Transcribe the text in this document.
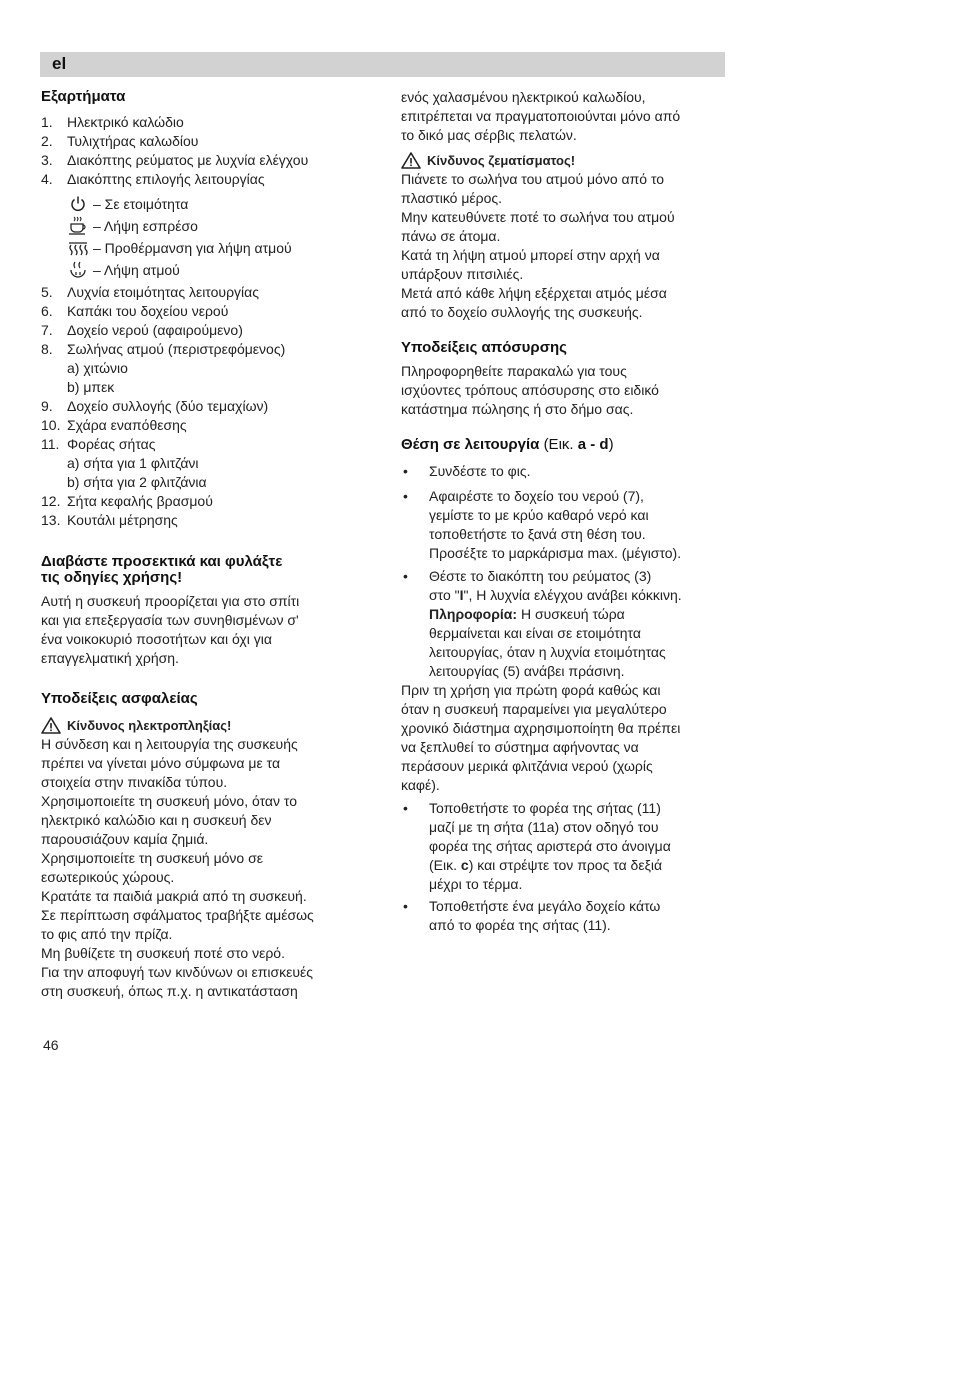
el
Εξαρτήματα
1.	Ηλεκτρικό καλώδιο
2.	Τυλιχτήρας καλωδίου
3.	Διακόπτης ρεύματος με λυχνία ελέγχου
4.	Διακόπτης επιλογής λειτουργίας
– Σε ετοιμότητα
– Λήψη εσπρέσο
– Προθέρμανση για λήψη ατμού
– Λήψη ατμού
5.	Λυχνία ετοιμότητας λειτουργίας
6.	Καπάκι του δοχείου νερού
7.	Δοχείο νερού (αφαιρούμενο)
8.	Σωλήνας ατμού (περιστρεφόμενος)
a) χιτώνιο
b) μπεκ
9.	Δοχείο συλλογής (δύο τεμαχίων)
10. Σχάρα εναπόθεσης
11. Φορέας σήτας
a) σήτα για 1 φλιτζάνι
b) σήτα για 2 φλιτζάνια
12. Σήτα κεφαλής βρασμού
13. Κουτάλι μέτρησης
Διαβάστε προσεκτικά και φυλάξτε
τις οδηγίες χρήσης!
Αυτή η συσκευή προορίζεται για στο σπίτι
και για επεξεργασία των συνηθισμένων σ'
ένα νοικοκυριό ποσοτήτων και όχι για
επαγγελματική χρήση.
Υποδείξεις ασφαλείας
Κίνδυνος ηλεκτροπληξίας!
Η σύνδεση και η λειτουργία της συσκευής
πρέπει να γίνεται μόνο σύμφωνα με τα
στοιχεία στην πινακίδα τύπου.
Χρησιμοποιείτε τη συσκευή μόνο, όταν το
ηλεκτρικό καλώδιο και η συσκευή δεν
παρουσιάζουν καμία ζημιά.
Χρησιμοποιείτε τη συσκευή μόνο σε
εσωτερικούς χώρους.
Κρατάτε τα παιδιά μακριά από τη συσκευή.
Σε περίπτωση σφάλματος τραβήξτε αμέσως
το φις από την πρίζα.
Μη βυθίζετε τη συσκευή ποτέ στο νερό.
Για την αποφυγή των κινδύνων οι επισκευές
στη συσκευή, όπως π.χ. η αντικατάσταση
ενός χαλασμένου ηλεκτρικού καλωδίου,
επιτρέπεται να πραγματοποιούνται μόνο από
το δικό μας σέρβις πελατών.
Κίνδυνος ζεματίσματος!
Πιάνετε το σωλήνα του ατμού μόνο από το
πλαστικό μέρος.
Μην κατευθύνετε ποτέ το σωλήνα του ατμού
πάνω σε άτομα.
Κατά τη λήψη ατμού μπορεί στην αρχή να
υπάρξουν πιτσιλιές.
Μετά από κάθε λήψη εξέρχεται ατμός μέσα
από το δοχείο συλλογής της συσκευής.
Υποδείξεις απόσυρσης
Πληροφορηθείτε παρακαλώ για τους
ισχύοντες τρόπους απόσυρσης στο ειδικό
κατάστημα πώλησης ή στο δήμο σας.
Θέση σε λειτουργία (Εικ. a - d)
•	Συνδέστε το φις.
•	Αφαιρέστε το δοχείο του νερού (7),
γεμίστε το με κρύο καθαρό νερό και
τοποθετήστε το ξανά στη θέση του.
Προσέξτε το μαρκάρισμα max. (μέγιστο).
•	Θέστε το διακόπτη του ρεύματος (3)
στο "I", Η λυχνία ελέγχου ανάβει κόκκινη.
Πληροφορία: Η συσκευή τώρα
θερμαίνεται και είναι σε ετοιμότητα
λειτουργίας, όταν η λυχνία ετοιμότητας
λειτουργίας (5) ανάβει πράσινη.
Πριν τη χρήση για πρώτη φορά καθώς και
όταν η συσκευή παραμείνει για μεγαλύτερο
χρονικό διάστημα αχρησιμοποίητη θα πρέπει
να ξεπλυθεί το σύστημα αφήνοντας να
περάσουν μερικά φλιτζάνια νερού (χωρίς
καφέ).
•	Τοποθετήστε το φορέα της σήτας (11)
μαζί με τη σήτα (11a) στον οδηγό του
φορέα της σήτας αριστερά στο άνοιγμα
(Εικ. c) και στρέψτε τον προς τα δεξιά
μέχρι το τέρμα.
•	Τοποθετήστε ένα μεγάλο δοχείο κάτω
από το φορέα της σήτας (11).
46
